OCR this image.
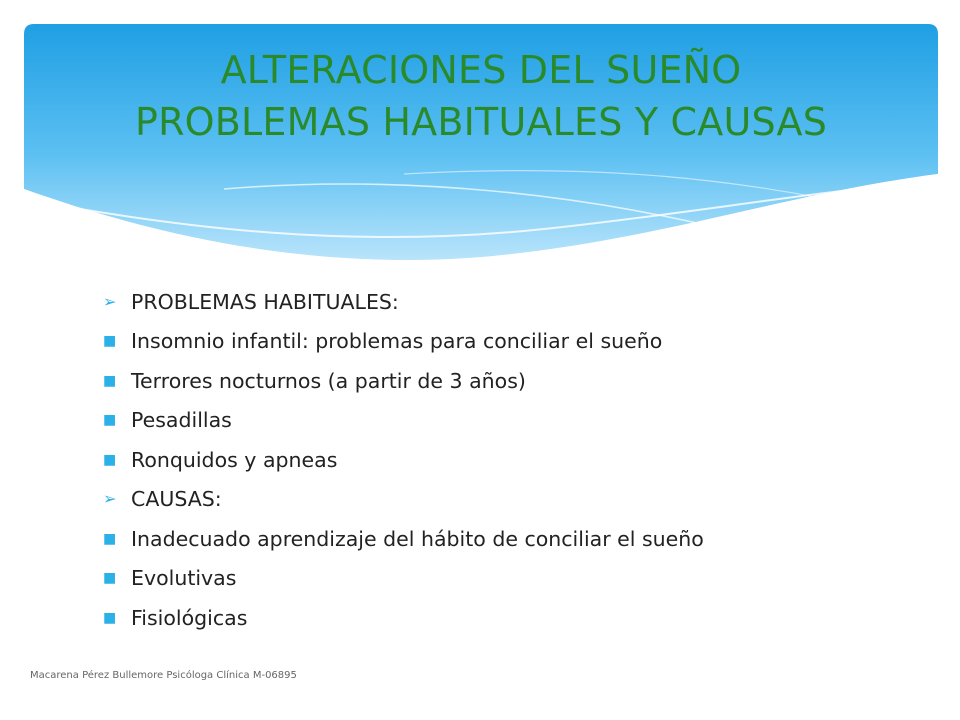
ALTERACIONES DEL SUEÑO
PROBLEMAS HABITUALES Y CAUSAS
➢ PROBLEMAS HABITUALES:
■ Insomnio infantil: problemas para conciliar el sueño
■ Terrores nocturnos (a partir de 3 años)
■ Pesadillas
■ Ronquidos y apneas
➢ CAUSAS:
■ Inadecuado aprendizaje del hábito de conciliar el sueño
■ Evolutivas
■ Fisiológicas
Macarena Pérez Bullemore Psicóloga Clínica M-06895
